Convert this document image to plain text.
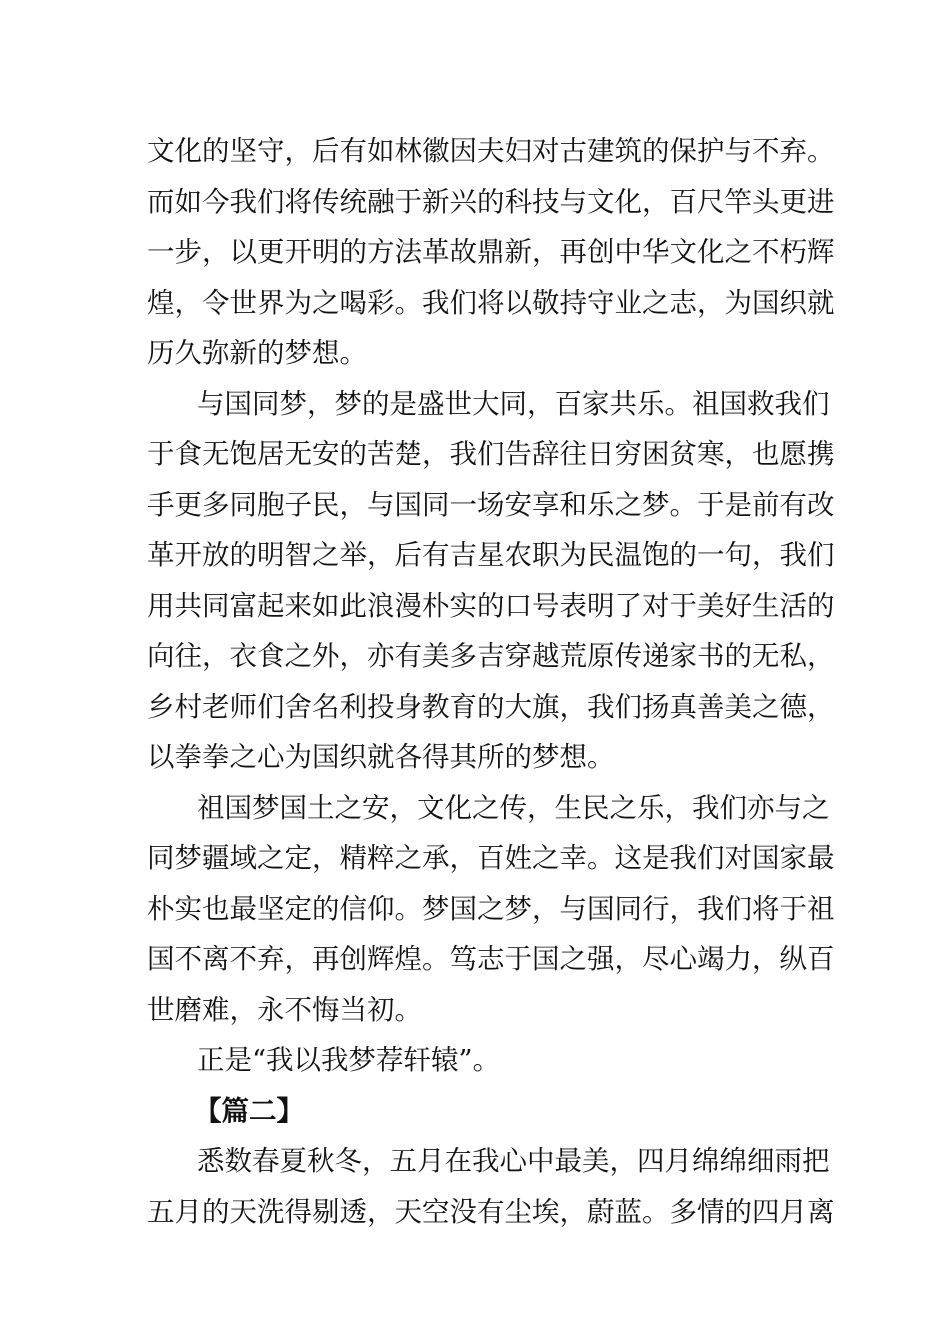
文化的坚守，后有如林徽因夫妇对古建筑的保护与不弃。
而如今我们将传统融于新兴的科技与文化，百尺竿头更进
一步，以更开明的方法革故鼎新，再创中华文化之不朽辉
煌，令世界为之喝彩。我们将以敬持守业之志，为国织就
历久弥新的梦想。
与国同梦，梦的是盛世大同，百家共乐。祖国救我们
于食无饱居无安的苦楚，我们告辞往日穷困贫寒，也愿携
手更多同胞子民，与国同一场安享和乐之梦。于是前有改
革开放的明智之举，后有吉星农职为民温饱的一句，我们
用共同富起来如此浪漫朴实的口号表明了对于美好生活的
向往，衣食之外，亦有美多吉穿越荒原传递家书的无私，
乡村老师们舍名利投身教育的大旗，我们扬真善美之德，
以拳拳之心为国织就各得其所的梦想。
祖国梦国土之安，文化之传，生民之乐，我们亦与之
同梦疆域之定，精粹之承，百姓之幸。这是我们对国家最
朴实也最坚定的信仰。梦国之梦，与国同行，我们将于祖
国不离不弃，再创辉煌。笃志于国之强，尽心竭力，纵百
世磨难，永不悔当初。
正是“我以我梦荐轩辕”。
【篇二】
悉数春夏秋冬，五月在我心中最美，四月绵绵细雨把
五月的天洗得剔透，天空没有尘埃，蔚蓝。多情的四月离
